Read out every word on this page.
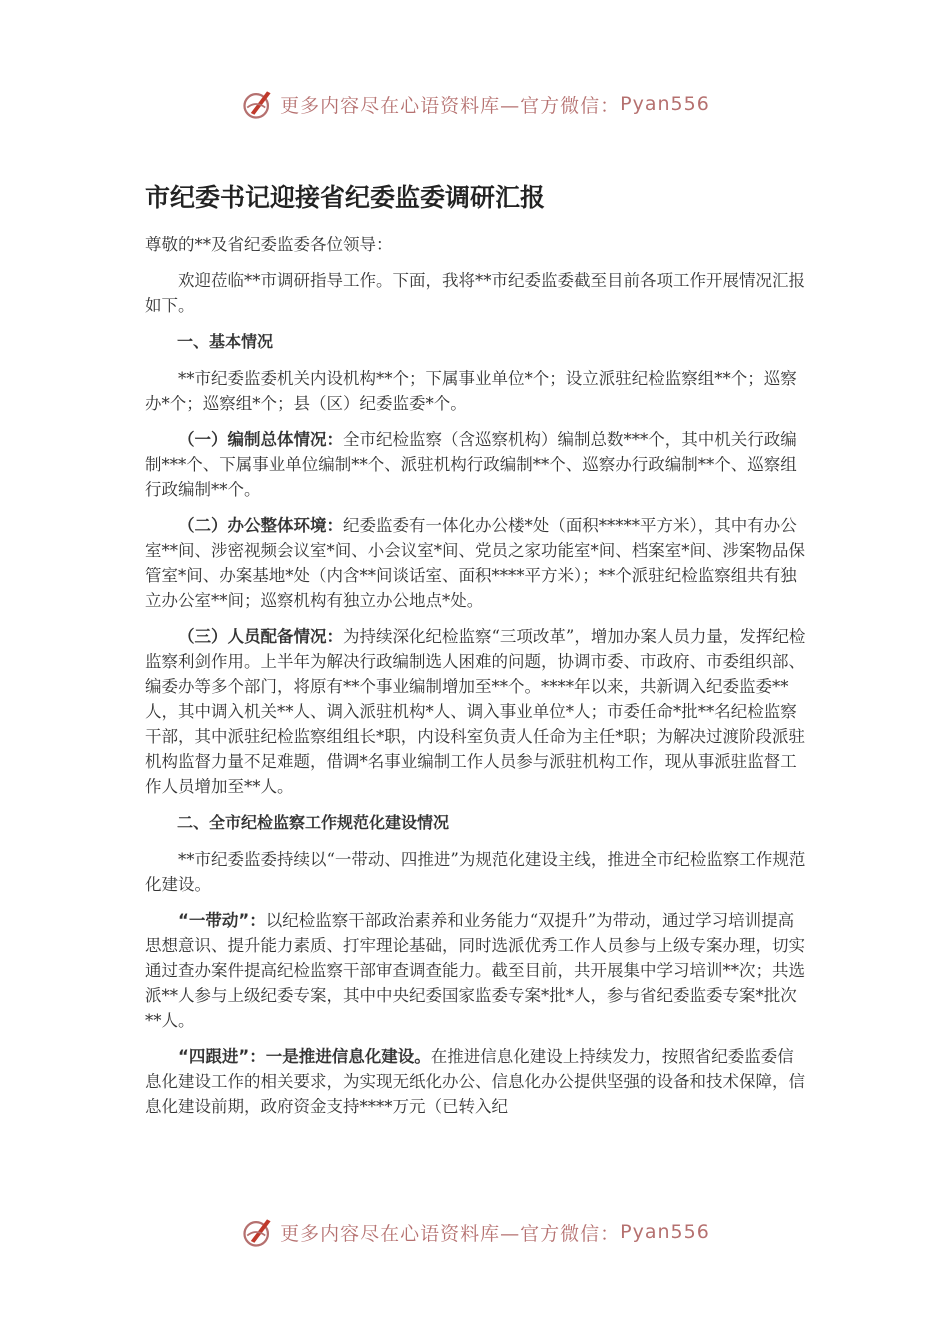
更多内容尽在心语资料库—官方微信： Pyan556
市纪委书记迎接省纪委监委调研汇报

尊敬的**及省纪委监委各位领导：

欢迎莅临**市调研指导工作。下面，我将**市纪委监委截至目前各项工作开展情况汇报如下。

一、基本情况

**市纪委监委机关内设机构**个；下属事业单位*个；设立派驻纪检监察组**个；巡察办*个；巡察组*个；县（区）纪委监委*个。

（一）编制总体情况：全市纪检监察（含巡察机构）编制总数***个，其中机关行政编制***个、下属事业单位编制**个、派驻机构行政编制**个、巡察办行政编制**个、巡察组行政编制**个。

（二）办公整体环境：纪委监委有一体化办公楼*处（面积*****平方米），其中有办公室**间、涉密视频会议室*间、小会议室*间、党员之家功能室*间、档案室*间、涉案物品保管室*间、办案基地*处（内含**间谈话室、面积****平方米）；**个派驻纪检监察组共有独立办公室**间；巡察机构有独立办公地点*处。

（三）人员配备情况：为持续深化纪检监察“三项改革”，增加办案人员力量，发挥纪检监察利剑作用。上半年为解决行政编制选人困难的问题，协调市委、市政府、市委组织部、编委办等多个部门，将原有**个事业编制增加至**个。****年以来，共新调入纪委监委**人，其中调入机关**人、调入派驻机构*人、调入事业单位*人；市委任命*批**名纪检监察干部，其中派驻纪检监察组组长*职，内设科室负责人任命为主任*职；为解决过渡阶段派驻机构监督力量不足难题，借调*名事业编制工作人员参与派驻机构工作，现从事派驻监督工作人员增加至**人。

二、全市纪检监察工作规范化建设情况

**市纪委监委持续以“一带动、四推进”为规范化建设主线，推进全市纪检监察工作规范化建设。

“一带动”：以纪检监察干部政治素养和业务能力“双提升”为带动，通过学习培训提高思想意识、提升能力素质、打牢理论基础，同时选派优秀工作人员参与上级专案办理，切实通过查办案件提高纪检监察干部审查调查能力。截至目前，共开展集中学习培训**次；共选派**人参与上级纪委专案，其中中央纪委国家监委专案*批*人，参与省纪委监委专案*批次**人。

“四跟进”：一是推进信息化建设。在推进信息化建设上持续发力，按照省纪委监委信息化建设工作的相关要求，为实现无纸化办公、信息化办公提供坚强的设备和技术保障，信息化建设前期，政府资金支持****万元（已转入纪

更多内容尽在心语资料库—官方微信： Pyan556
